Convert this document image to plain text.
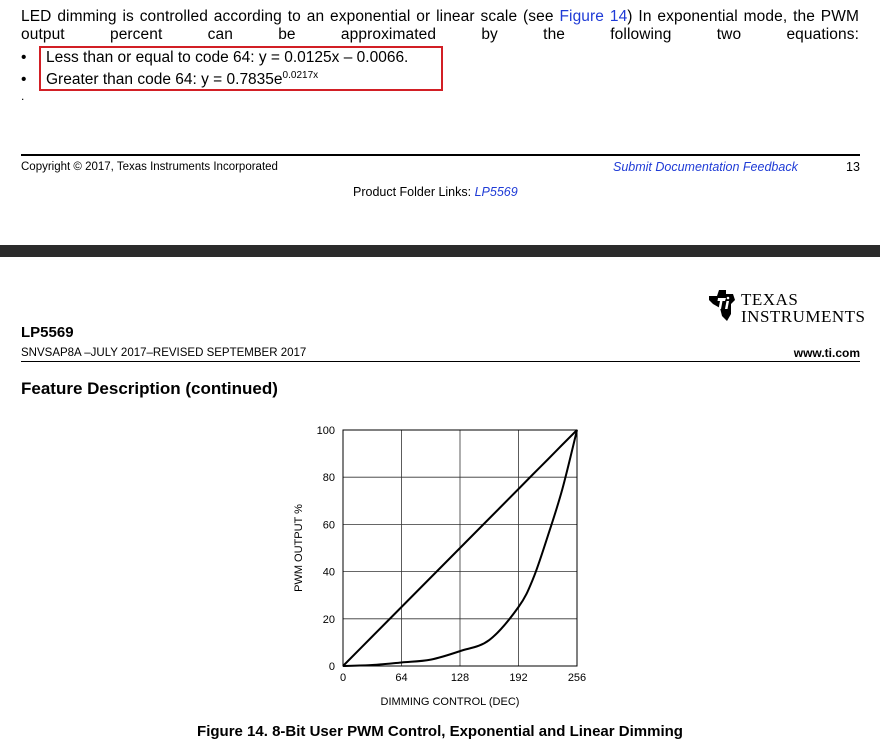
LED dimming is controlled according to an exponential or linear scale (see Figure 14) In exponential mode, the PWM output percent can be approximated by the following two equations:
• Less than or equal to code 64: y = 0.0125x – 0.0066.
• Greater than code 64: $y = 0.7835e^{0.0217x}$
.
Copyright © 2017, Texas Instruments Incorporated	Submit Documentation Feedback	13
Product Folder Links: LP5569
TEXAS
INSTRUMENTS
LP5569
SNVSAP8A –JULY 2017–REVISED SEPTEMBER 2017	www.ti.com
Feature Description (continued)
0	64	128	192	256
0
20
40
60
80
100
DIMMING CONTROL (DEC)
PWM OUTPUT %
Figure 14. 8-Bit User PWM Control, Exponential and Linear Dimming
